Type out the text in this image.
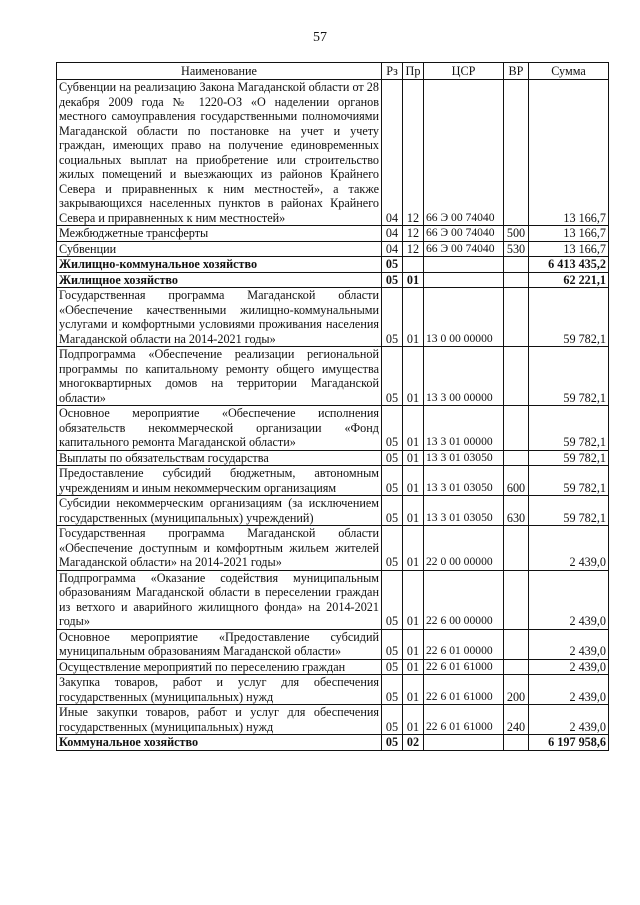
57
Наименование	Рз	Пр	ЦСР	ВР	Сумма
Субвенции на реализацию Закона Магаданской области от 28 декабря 2009 года № 1220-ОЗ «О наделении органов местного самоуправления государственными полномочиями Магаданской области по постановке на учет и учету граждан, имеющих право на получение единовременных социальных выплат на приобретение или строительство жилых помещений и выезжающих из районов Крайнего Севера и приравненных к ним местностей», а также закрывающихся населенных пунктов в районах Крайнего Севера и приравненных к ним местностей»	04	12	66 Э 00 74040		13 166,7
Межбюджетные трансферты	04	12	66 Э 00 74040	500	13 166,7
Субвенции	04	12	66 Э 00 74040	530	13 166,7
Жилищно-коммунальное хозяйство	05				6 413 435,2
Жилищное хозяйство	05	01			62 221,1
Государственная программа Магаданской области «Обеспечение качественными жилищно-коммунальными услугами и комфортными условиями проживания населения Магаданской области на 2014-2021 годы»	05	01	13 0 00 00000		59 782,1
Подпрограмма «Обеспечение реализации региональной программы по капитальному ремонту общего имущества многоквартирных домов на территории Магаданской области»	05	01	13 3 00 00000		59 782,1
Основное мероприятие «Обеспечение исполнения обязательств некоммерческой организации «Фонд капитального ремонта Магаданской области»	05	01	13 3 01 00000		59 782,1
Выплаты по обязательствам государства	05	01	13 3 01 03050		59 782,1
Предоставление субсидий бюджетным, автономным учреждениям и иным некоммерческим организациям	05	01	13 3 01 03050	600	59 782,1
Субсидии некоммерческим организациям (за исключением государственных (муниципальных) учреждений)	05	01	13 3 01 03050	630	59 782,1
Государственная программа Магаданской области «Обеспечение доступным и комфортным жильем жителей Магаданской области» на 2014-2021 годы»	05	01	22 0 00 00000		2 439,0
Подпрограмма «Оказание содействия муниципальным образованиям Магаданской области в переселении граждан из ветхого и аварийного жилищного фонда» на 2014-2021 годы»	05	01	22 6 00 00000		2 439,0
Основное мероприятие «Предоставление субсидий муниципальным образованиям Магаданской области»	05	01	22 6 01 00000		2 439,0
Осуществление мероприятий по переселению граждан	05	01	22 6 01 61000		2 439,0
Закупка товаров, работ и услуг для обеспечения государственных (муниципальных) нужд	05	01	22 6 01 61000	200	2 439,0
Иные закупки товаров, работ и услуг для обеспечения государственных (муниципальных) нужд	05	01	22 6 01 61000	240	2 439,0
Коммунальное хозяйство	05	02			6 197 958,6
